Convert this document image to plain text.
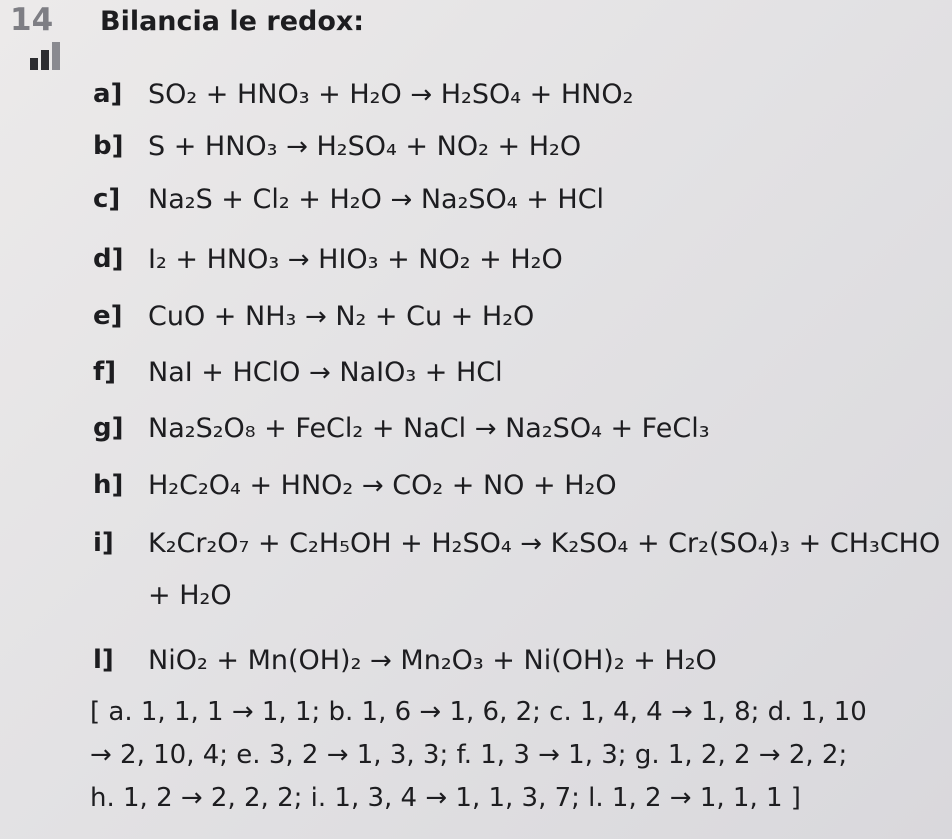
14 Bilancia le redox:
a] SO₂ + HNO₃ + H₂O → H₂SO₄ + HNO₂
b] S + HNO₃ → H₂SO₄ + NO₂ + H₂O
c] Na₂S + Cl₂ + H₂O → Na₂SO₄ + HCl
d] I₂ + HNO₃ → HIO₃ + NO₂ + H₂O
e] CuO + NH₃ → N₂ + Cu + H₂O
f] NaI + HClO → NaIO₃ + HCl
g] Na₂S₂O₈ + FeCl₂ + NaCl → Na₂SO₄ + FeCl₃
h] H₂C₂O₄ + HNO₂ → CO₂ + NO + H₂O
i] K₂Cr₂O₇ + C₂H₅OH + H₂SO₄ → K₂SO₄ + Cr₂(SO₄)₃ + CH₃CHO
+ H₂O
l] NiO₂ + Mn(OH)₂ → Mn₂O₃ + Ni(OH)₂ + H₂O
[ a. 1, 1, 1 → 1, 1; b. 1, 6 → 1, 6, 2; c. 1, 4, 4 → 1, 8; d. 1, 10
→ 2, 10, 4; e. 3, 2 → 1, 3, 3; f. 1, 3 → 1, 3; g. 1, 2, 2 → 2, 2;
h. 1, 2 → 2, 2, 2; i. 1, 3, 4 → 1, 1, 3, 7; l. 1, 2 → 1, 1, 1 ]
